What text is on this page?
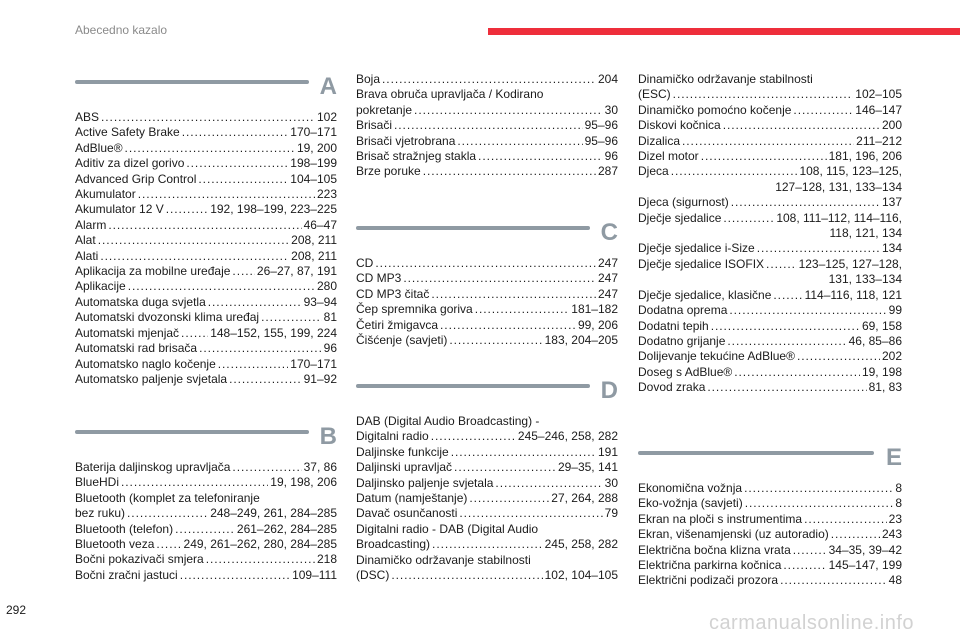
Abecedno kazalo
A
ABS . . .	102
Active Safety Brake . . .	170–171
AdBlue® . . .	19, 200
Aditiv za dizel gorivo . . .	198–199
Advanced Grip Control . . .	104–105
Akumulator . . .	223
Akumulator 12 V . . .	192, 198–199, 223–225
Alarm . . .	46–47
Alat . . .	208, 211
Alati . . .	208, 211
Aplikacija za mobilne uređaje . . . 26–27, 87, 191
Aplikacije . . .	280
Automatska duga svjetla . . .	93–94
Automatski dvozonski klima uređaj . . .	81
Automatski mjenjač . . .	148–152, 155, 199, 224
Automatski rad brisača . . .	96
Automatsko naglo kočenje . . .	170–171
Automatsko paljenje svjetala . . .	91–92
B
Baterija daljinskog upravljača . . .	37, 86
BlueHDi . . .	19, 198, 206
Bluetooth (komplet za telefoniranje
bez ruku) . . .	248–249, 261, 284–285
Bluetooth (telefon) . . .	261–262, 284–285
Bluetooth veza . . . 249, 261–262, 280, 284–285
Bočni pokazivači smjera . . .	218
Bočni zračni jastuci . . .	109–111
Boja . . .	204
Brava obruča upravljača / Kodirano
pokretanje . . .	30
Brisači . . .	95–96
Brisači vjetrobrana . . .	95–96
Brisač stražnjeg stakla . . .	96
Brze poruke . . .	287
C
CD . . .	247
CD MP3 . . .	247
CD MP3 čitač . . .	247
Čep spremnika goriva . . .	181–182
Četiri žmigavca . . .	99, 206
Čišćenje (savjeti) . . .	183, 204–205
D
DAB (Digital Audio Broadcasting) -
Digitalni radio . . .	245–246, 258, 282
Daljinske funkcije . . .	191
Daljinski upravljač . . .	29–35, 141
Daljinsko paljenje svjetala . . .	30
Datum (namještanje) . . .	27, 264, 288
Davač osunčanosti . . .	79
Digitalni radio - DAB (Digital Audio
Broadcasting) . . .	245, 258, 282
Dinamičko održavanje stabilnosti
(DSC) . . .	102, 104–105
Dinamičko održavanje stabilnosti
(ESC) . . .	102–105
Dinamičko pomoćno kočenje . . .	146–147
Diskovi kočnica . . .	200
Dizalica . . .	211–212
Dizel motor . . .	181, 196, 206
Djeca . . .	108, 115, 123–125,
127–128, 131, 133–134
Djeca (sigurnost) . . .	137
Dječje sjedalice . . .	108, 111–112, 114–116,
118, 121, 134
Dječje sjedalice i-Size . . .	134
Dječje sjedalice ISOFIX . . .	123–125, 127–128,
131, 133–134
Dječje sjedalice, klasične . . .	114–116, 118, 121
Dodatna oprema . . .	99
Dodatni tepih . . .	69, 158
Dodatno grijanje . . .	46, 85–86
Dolijevanje tekućine AdBlue® . . .	202
Doseg s AdBlue® . . .	19, 198
Dovod zraka . . .	81, 83
E
Ekonomična vožnja . . .	8
Eko-vožnja (savjeti) . . .	8
Ekran na ploči s instrumentima . . .	23
Ekran, višenamjenski (uz autoradio) . . .	243
Električna bočna klizna vrata . . .	34–35, 39–42
Električna parkirna kočnica . . .	145–147, 199
Električni podizači prozora . . .	48
292
carmanualsonline.info
